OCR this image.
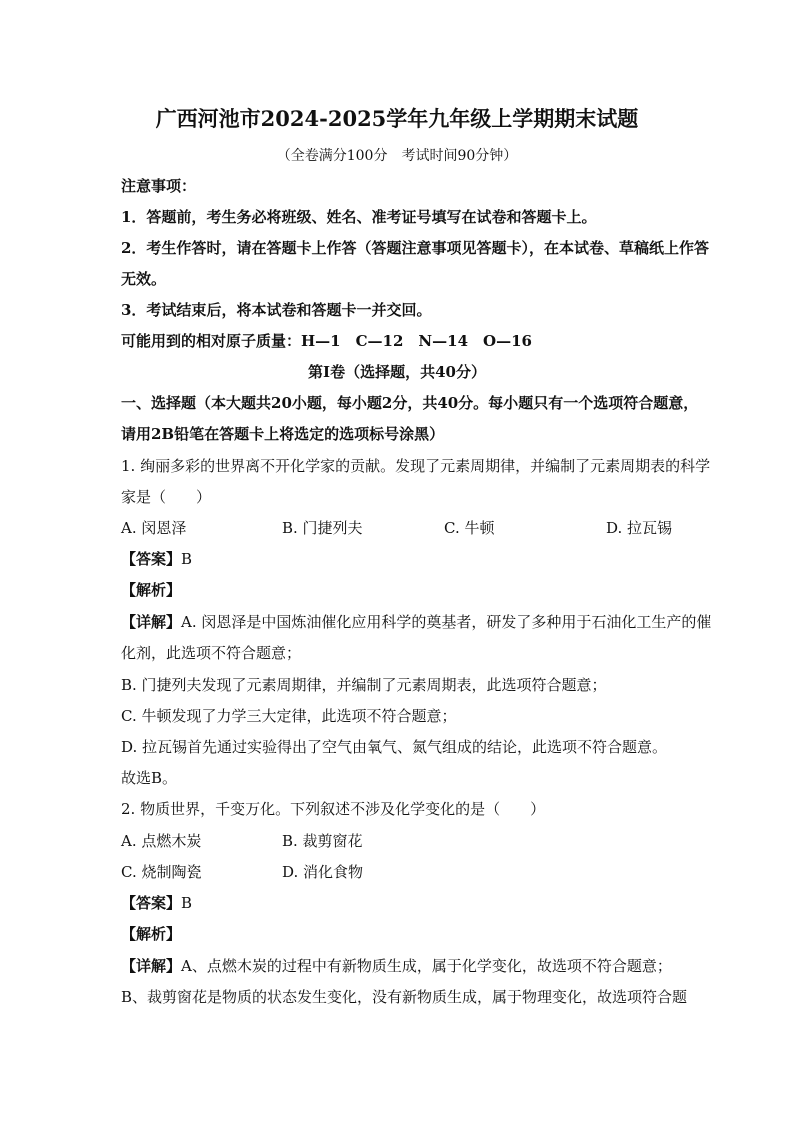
广西河池市2024-2025学年九年级上学期期末试题
（全卷满分100分　考试时间90分钟）
注意事项：
1．答题前，考生务必将班级、姓名、准考证号填写在试卷和答题卡上。
2．考生作答时，请在答题卡上作答（答题注意事项见答题卡），在本试卷、草稿纸上作答
无效。
3．考试结束后，将本试卷和答题卡一并交回。
可能用到的相对原子质量：H—1　C—12　N—14　O—16
第I卷（选择题，共40分）
一、选择题（本大题共20小题，每小题2分，共40分。每小题只有一个选项符合题意，
请用2B铅笔在答题卡上将选定的选项标号涂黑）
1. 绚丽多彩的世界离不开化学家的贡献。发现了元素周期律，并编制了元素周期表的科学
家是（　　）
A. 闵恩泽	B. 门捷列夫	C. 牛顿	D. 拉瓦锡
【答案】B
【解析】
【详解】A. 闵恩泽是中国炼油催化应用科学的奠基者，研发了多种用于石油化工生产的催
化剂，此选项不符合题意；
B. 门捷列夫发现了元素周期律，并编制了元素周期表，此选项符合题意；
C. 牛顿发现了力学三大定律，此选项不符合题意；
D. 拉瓦锡首先通过实验得出了空气由氧气、氮气组成的结论，此选项不符合题意。
故选B。
2. 物质世界，千变万化。下列叙述不涉及化学变化的是（　　）
A. 点燃木炭	B. 裁剪窗花
C. 烧制陶瓷	D. 消化食物
【答案】B
【解析】
【详解】A、点燃木炭的过程中有新物质生成，属于化学变化，故选项不符合题意；
B、裁剪窗花是物质的状态发生变化，没有新物质生成，属于物理变化，故选项符合题
